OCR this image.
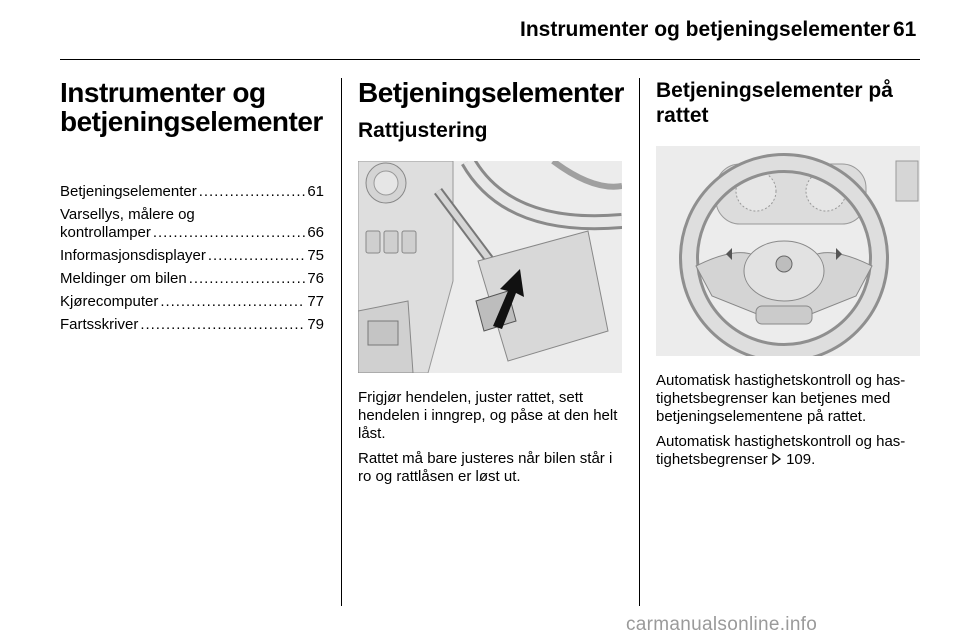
Instrumenter og betjeningselementer 61
Instrumenter og
betjeningselementer
Betjeningselementer . . .	61
Varsellys, målere og
kontrollamper . . .	66
Informasjonsdisplayer . . .	75
Meldinger om bilen . . .	76
Kjørecomputer . . .	77
Fartsskriver . . .	79
Betjeningselementer
Rattjustering

Frigjør hendelen, juster rattet, sett hendelen i inngrep, og påse at den helt låst.

Rattet må bare justeres når bilen står i ro og rattlåsen er løst ut.

Betjeningselementer på
rattet

Automatisk hastighetskontroll og has-tighetsbegrenser kan betjenes med betjeningselementene på rattet.

Automatisk hastighetskontroll og has-tighetsbegrenser 109.

carmanualsonline.info
